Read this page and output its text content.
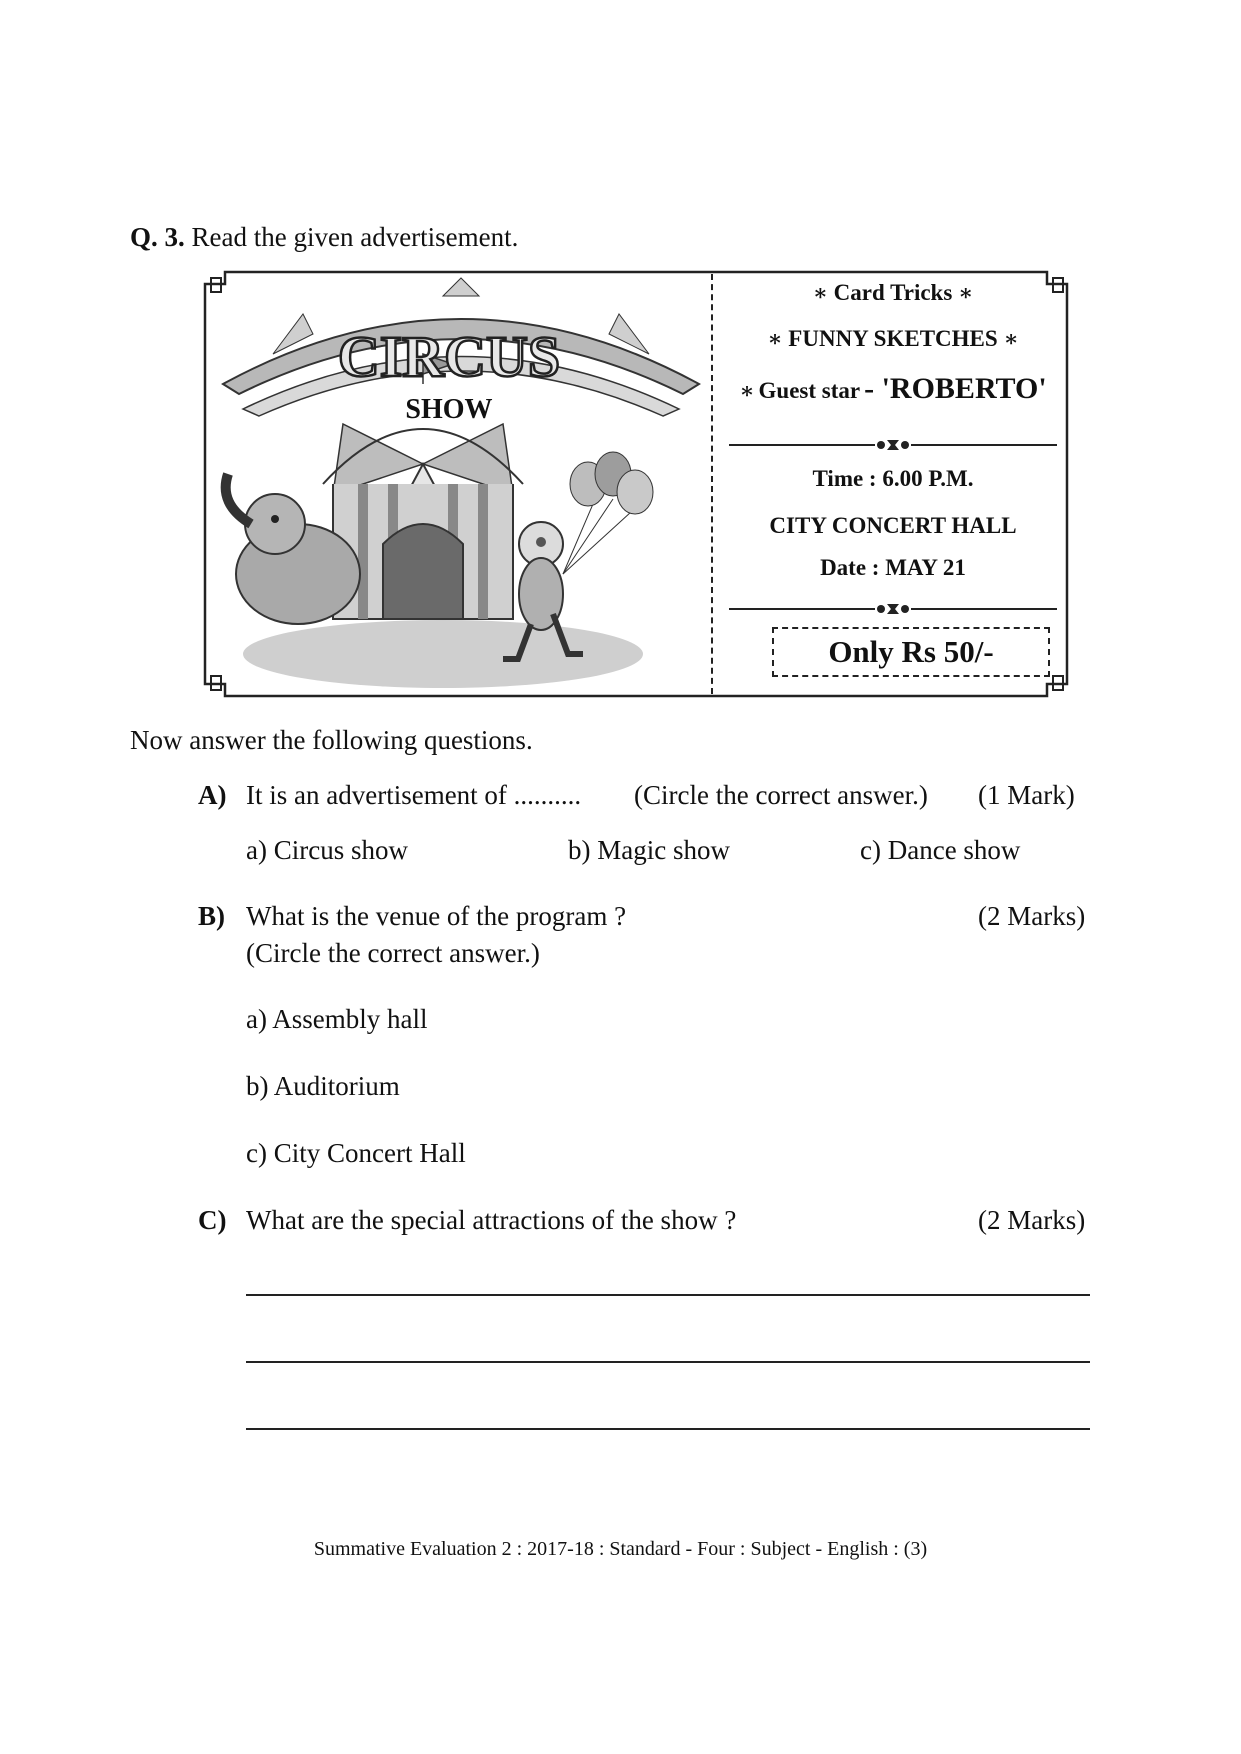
Q. 3. Read the given advertisement.
CIRCUS
SHOW
∗ Card Tricks ∗
∗ FUNNY SKETCHES ∗
∗ Guest star - 'ROBERTO'
Time : 6.00 P.M.
CITY CONCERT HALL
Date : MAY 21
Only Rs 50/-
Now answer the following questions.
A) It is an advertisement of .......... (Circle the correct answer.) (1 Mark)
a) Circus show	b) Magic show	c) Dance show
B) What is the venue of the program ?	(2 Marks)
(Circle the correct answer.)
a) Assembly hall
b) Auditorium
c) City Concert Hall
C) What are the special attractions of the show ?	(2 Marks)
Summative Evaluation 2 : 2017-18 : Standard - Four : Subject - English : (3)
